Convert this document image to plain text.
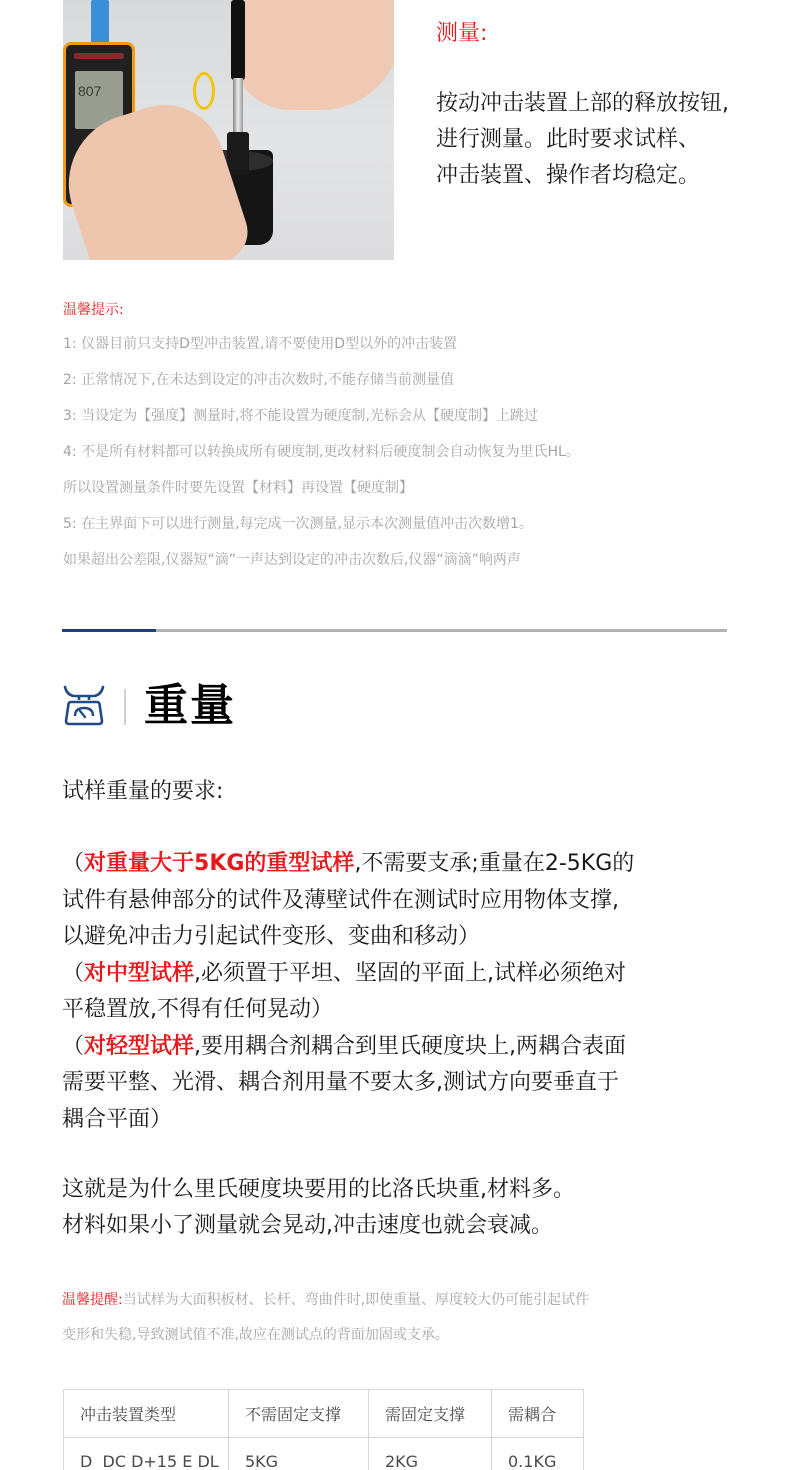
807
测量:
按动冲击装置上部的释放按钮,
进行测量。此时要求试样、
冲击装置、操作者均稳定。
温馨提示:
1: 仪器目前只支持D型冲击装置,请不要使用D型以外的冲击装置
2: 正常情况下,在未达到设定的冲击次数时,不能存储当前测量值
3: 当设定为【强度】测量时,将不能设置为硬度制,光标会从【硬度制】上跳过
4: 不是所有材料都可以转换成所有硬度制,更改材料后硬度制会自动恢复为里氏HL。
所以设置测量条件时要先设置【材料】再设置【硬度制】
5: 在主界面下可以进行测量,每完成一次测量,显示本次测量值冲击次数增1。
如果超出公差限,仪器短“滴”一声达到设定的冲击次数后,仪器“滴滴”响两声
重量
试样重量的要求:
（对重量大于5KG的重型试样,不需要支承;重量在2-5KG的
试件有悬伸部分的试件及薄壁试件在测试时应用物体支撑,
以避免冲击力引起试件变形、变曲和移动）
（对中型试样,必须置于平坦、坚固的平面上,试样必须绝对
平稳置放,不得有任何晃动）
（对轻型试样,要用耦合剂耦合到里氏硬度块上,两耦合表面
需要平整、光滑、耦合剂用量不要太多,测试方向要垂直于
耦合平面）
这就是为什么里氏硬度块要用的比洛氏块重,材料多。
材料如果小了测量就会晃动,冲击速度也就会衰减。
温馨提醒:当试样为大面积板材、长杆、弯曲件时,即使重量、厚度较大仍可能引起试件
变形和失稳,导致测试值不准,故应在测试点的背面加固或支承。
冲击装置类型	不需固定支撑	需固定支撑	需耦合
D  DC D+15 E DL	5KG	2KG	0.1KG
